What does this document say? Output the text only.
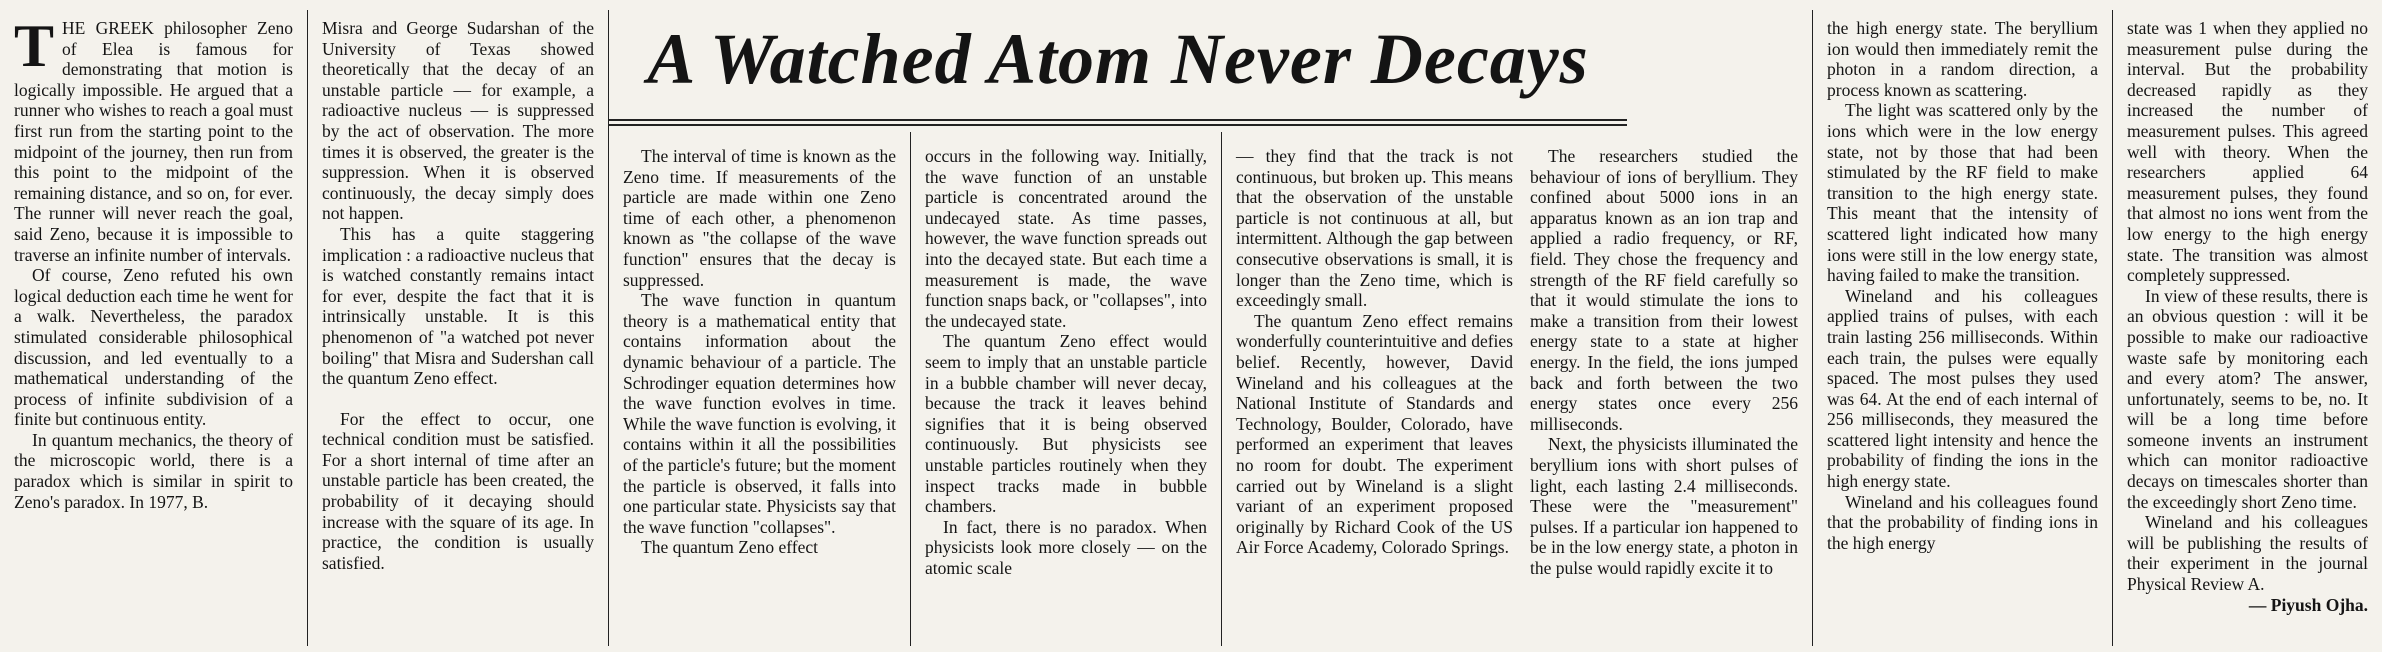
THE GREEK philosopher Zeno of Elea is famous for demonstrating that motion is logically impossible. He argued that a runner who wishes to reach a goal must first run from the starting point to the midpoint of the journey, then run from this point to the midpoint of the remaining distance, and so on, for ever. The runner will never reach the goal, said Zeno, because it is impossible to traverse an infinite number of intervals.

Of course, Zeno refuted his own logical deduction each time he went for a walk. Nevertheless, the paradox stimulated considerable philosophical discussion, and led eventually to a mathematical understanding of the process of infinite subdivision of a finite but continuous entity.

In quantum mechanics, the theory of the microscopic world, there is a paradox which is similar in spirit to Zeno's paradox. In 1977, B.

Misra and George Sudarshan of the University of Texas showed theoretically that the decay of an unstable particle — for example, a radioactive nucleus — is suppressed by the act of observation. The more times it is observed, the greater is the suppression. When it is observed continuously, the decay simply does not happen.

This has a quite staggering implication : a radioactive nucleus that is watched constantly remains intact for ever, despite the fact that it is intrinsically unstable. It is this phenomenon of "a watched pot never boiling" that Misra and Sudershan call the quantum Zeno effect.

For the effect to occur, one technical condition must be satisfied. For a short internal of time after an unstable particle has been created, the probability of it decaying should increase with the square of its age. In practice, the condition is usually satisfied.

A Watched Atom Never Decays

The interval of time is known as the Zeno time. If measurements of the particle are made within one Zeno time of each other, a phenomenon known as "the collapse of the wave function" ensures that the decay is suppressed.

The wave function in quantum theory is a mathematical entity that contains information about the dynamic behaviour of a particle. The Schrodinger equation determines how the wave function evolves in time. While the wave function is evolving, it contains within it all the possibilities of the particle's future; but the moment the particle is observed, it falls into one particular state. Physicists say that the wave function "collapses".

The quantum Zeno effect

occurs in the following way. Initially, the wave function of an unstable particle is concentrated around the undecayed state. As time passes, however, the wave function spreads out into the decayed state. But each time a measurement is made, the wave function snaps back, or "collapses", into the undecayed state.

The quantum Zeno effect would seem to imply that an unstable particle in a bubble chamber will never decay, because the track it leaves behind signifies that it is being observed continuously. But physicists see unstable particles routinely when they inspect tracks made in bubble chambers.

In fact, there is no paradox. When physicists look more closely — on the atomic scale

— they find that the track is not continuous, but broken up. This means that the observation of the unstable particle is not continuous at all, but intermittent. Although the gap between consecutive observations is small, it is longer than the Zeno time, which is exceedingly small.

The quantum Zeno effect remains wonderfully counterintuitive and defies belief. Recently, however, David Wineland and his colleagues at the National Institute of Standards and Technology, Boulder, Colorado, have performed an experiment that leaves no room for doubt. The experiment carried out by Wineland is a slight variant of an experiment proposed originally by Richard Cook of the US Air Force Academy, Colorado Springs.

The researchers studied the behaviour of ions of beryllium. They confined about 5000 ions in an apparatus known as an ion trap and applied a radio frequency, or RF, field. They chose the frequency and strength of the RF field carefully so that it would stimulate the ions to make a transition from their lowest energy state to a state at higher energy. In the field, the ions jumped back and forth between the two energy states once every 256 milliseconds.

Next, the physicists illuminated the beryllium ions with short pulses of light, each lasting 2.4 milliseconds. These were the "measurement" pulses. If a particular ion happened to be in the low energy state, a photon in the pulse would rapidly excite it to

the high energy state. The beryllium ion would then immediately remit the photon in a random direction, a process known as scattering.

The light was scattered only by the ions which were in the low energy state, not by those that had been stimulated by the RF field to make transition to the high energy state. This meant that the intensity of scattered light indicated how many ions were still in the low energy state, having failed to make the transition.

Wineland and his colleagues applied trains of pulses, with each train lasting 256 milliseconds. Within each train, the pulses were equally spaced. The most pulses they used was 64. At the end of each internal of 256 milliseconds, they measured the scattered light intensity and hence the probability of finding the ions in the high energy state.

Wineland and his colleagues found that the probability of finding ions in the high energy

state was 1 when they applied no measurement pulse during the interval. But the probability decreased rapidly as they increased the number of measurement pulses. This agreed well with theory. When the researchers applied 64 measurement pulses, they found that almost no ions went from the low energy to the high energy state. The transition was almost completely suppressed.

In view of these results, there is an obvious question : will it be possible to make our radioactive waste safe by monitoring each and every atom? The answer, unfortunately, seems to be, no. It will be a long time before someone invents an instrument which can monitor radioactive decays on timescales shorter than the exceedingly short Zeno time.

Wineland and his colleagues will be publishing the results of their experiment in the journal Physical Review A.

— Piyush Ojha.
